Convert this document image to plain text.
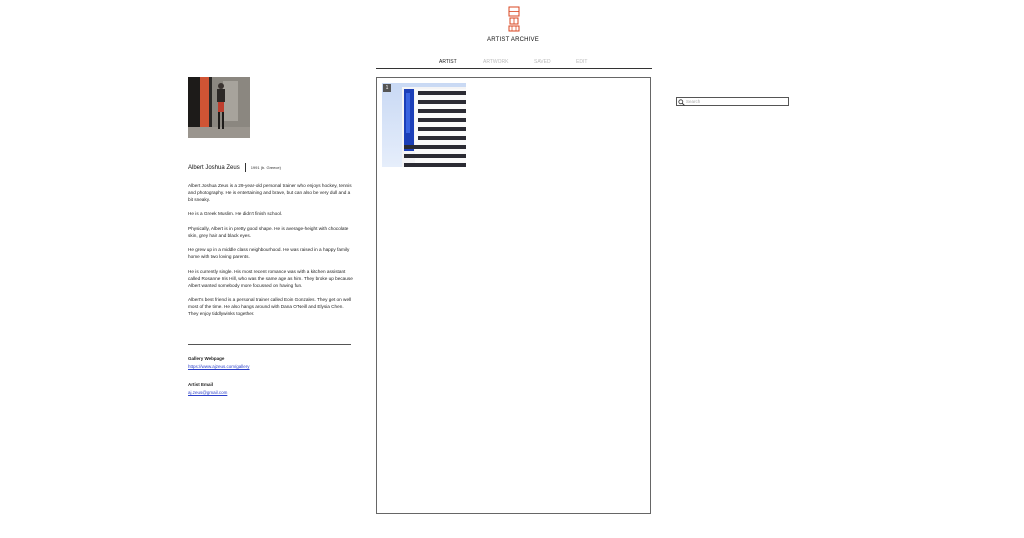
ARTIST ARCHIVE
ARTIST	ARTWORK	SAVED	EDIT
Albert Joshua Zeus	1991 (b. Greece)

Albert Joshua Zeus is a 29-year-old personal trainer who enjoys hockey, tennis and photography. He is entertaining and brave, but can also be very dull and a bit sneaky.

He is a Greek Muslim. He didn't finish school.

Physically, Albert is in pretty good shape. He is average-height with chocolate skin, grey hair and black eyes.

He grew up in a middle class neighbourhood. He was raised in a happy family home with two loving parents.

He is currently single. His most recent romance was with a kitchen assistant called Rosanne Iris Hill, who was the same age as him. They broke up because Albert wanted somebody more focussed on having fun.

Albert's best friend is a personal trainer called Eoin Gonzales. They get on well most of the time. He also hangs around with Dana O'Neill and Elysia Chen. They enjoy tiddlywinks together.

Gallery Webpage
https://www.ajzeus.com/gallery
Artist Email
aj.zeus@gmail.com
1
Search
